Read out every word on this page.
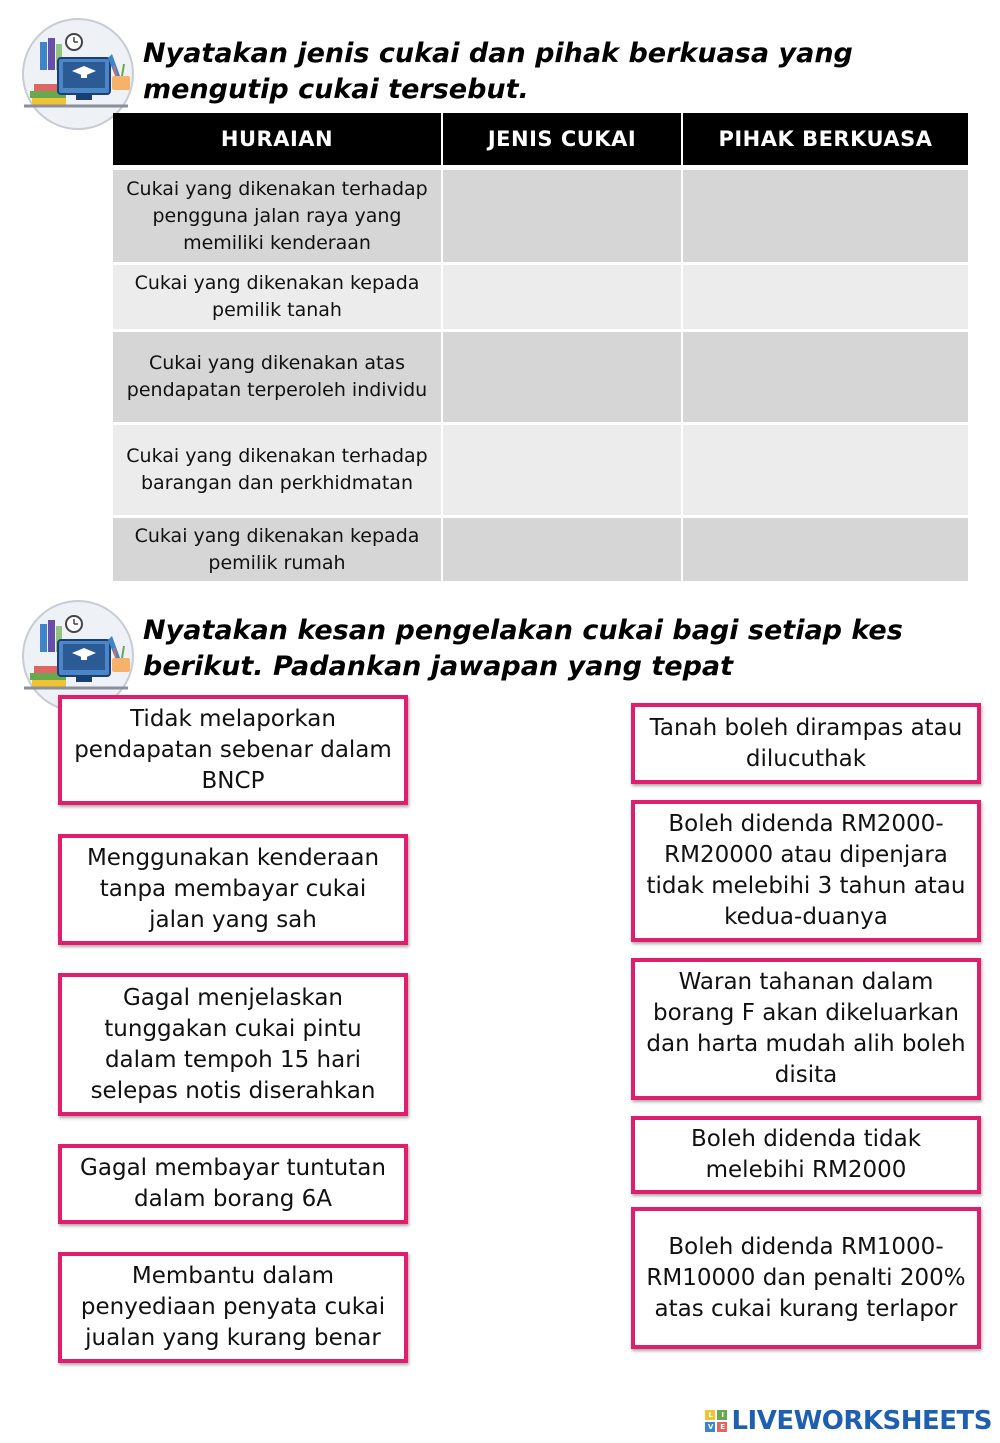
Nyatakan jenis cukai dan pihak berkuasa yang mengutip cukai tersebut.
HURAIAN	JENIS CUKAI	PIHAK BERKUASA
Cukai yang dikenakan terhadap pengguna jalan raya yang memiliki kenderaan
Cukai yang dikenakan kepada pemilik tanah
Cukai yang dikenakan atas pendapatan terperoleh individu
Cukai yang dikenakan terhadap barangan dan perkhidmatan
Cukai yang dikenakan kepada pemilik rumah
Nyatakan kesan pengelakan cukai bagi setiap kes berikut. Padankan jawapan yang tepat
Tidak melaporkan pendapatan sebenar dalam BNCP
Menggunakan kenderaan tanpa membayar cukai jalan yang sah
Gagal menjelaskan tunggakan cukai pintu dalam tempoh 15 hari selepas notis diserahkan
Gagal membayar tuntutan dalam borang 6A
Membantu dalam penyediaan penyata cukai jualan yang kurang benar
Tanah boleh dirampas atau dilucuthak
Boleh didenda RM2000-RM20000 atau dipenjara tidak melebihi 3 tahun atau kedua-duanya
Waran tahanan dalam borang F akan dikeluarkan dan harta mudah alih boleh disita
Boleh didenda tidak melebihi RM2000
Boleh didenda RM1000-RM10000 dan penalti 200% atas cukai kurang terlapor
L	I
V	E LIVEWORKSHEETS
